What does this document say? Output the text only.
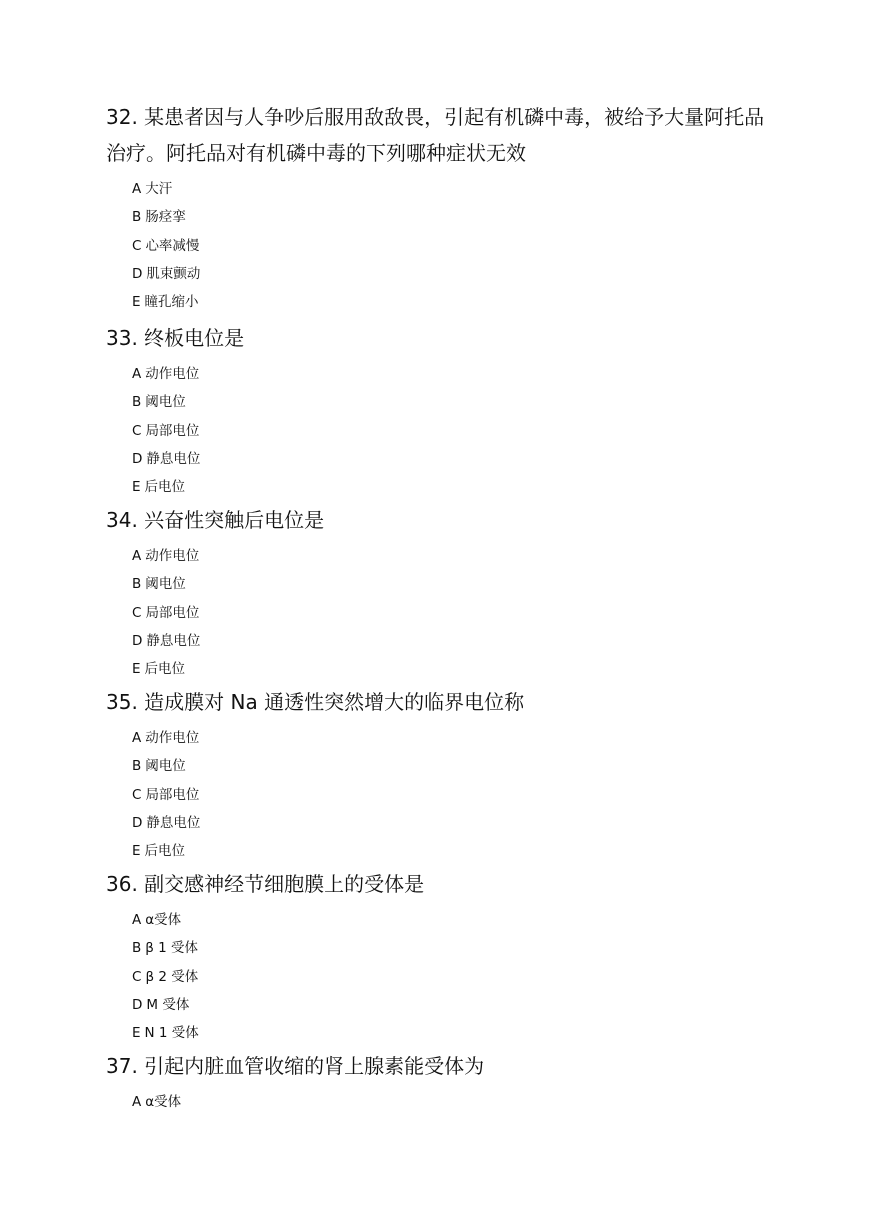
32. 某患者因与人争吵后服用敌敌畏，引起有机磷中毒，被给予大量阿托品治疗。阿托品对有机磷中毒的下列哪种症状无效

A 大汗
B 肠痉挛
C 心率减慢
D 肌束颤动
E 瞳孔缩小

33. 终板电位是

A 动作电位
B 阈电位
C 局部电位
D 静息电位
E 后电位

34. 兴奋性突触后电位是

A 动作电位
B 阈电位
C 局部电位
D 静息电位
E 后电位

35. 造成膜对 Na 通透性突然增大的临界电位称

A 动作电位
B 阈电位
C 局部电位
D 静息电位
E 后电位

36. 副交感神经节细胞膜上的受体是

A α受体
B β 1 受体
C β 2 受体
D M 受体
E N 1 受体

37. 引起内脏血管收缩的肾上腺素能受体为

A α受体
